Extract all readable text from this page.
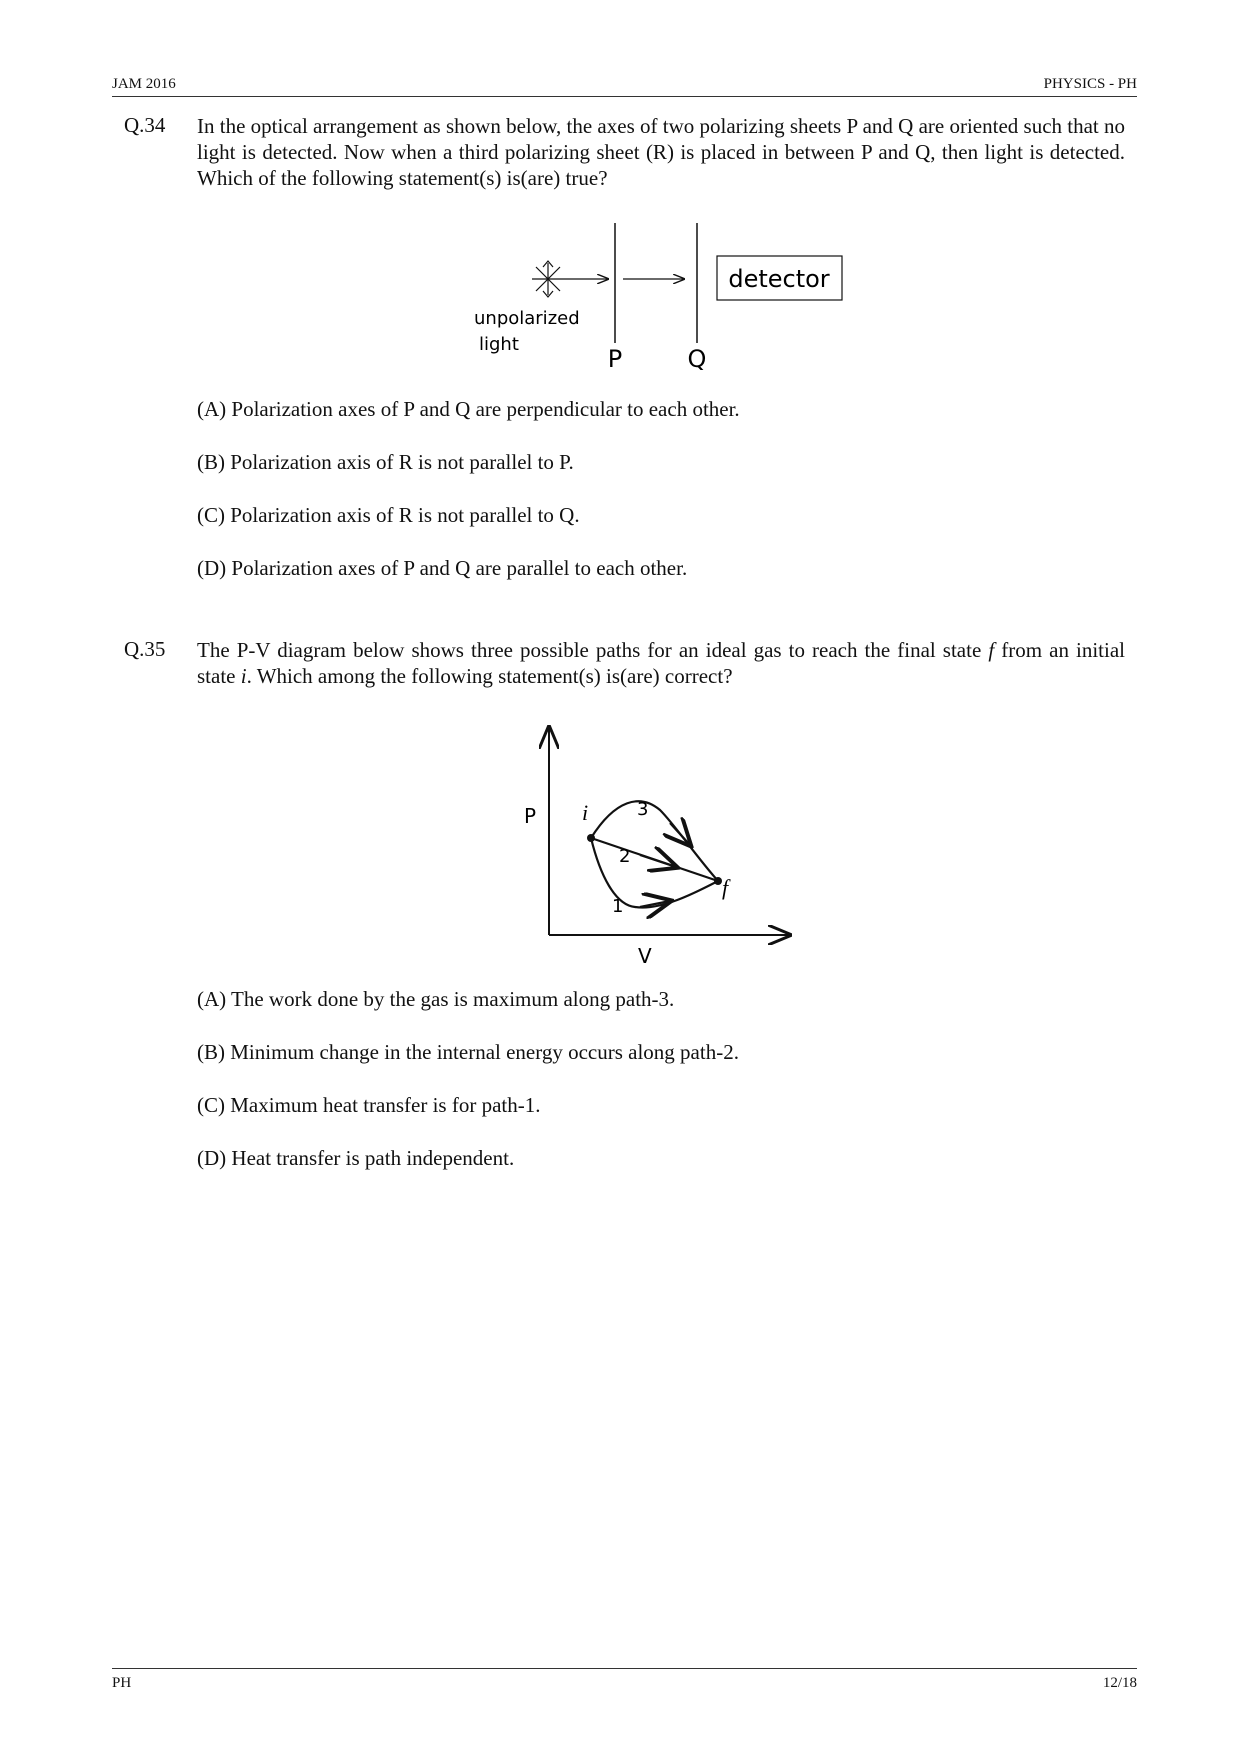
JAM 2016	PHYSICS - PH
Q.34 In the optical arrangement as shown below, the axes of two polarizing sheets P and Q are oriented such that no light is detected. Now when a third polarizing sheet (R) is placed in between P and Q, then light is detected. Which of the following statement(s) is(are) true?
detector
unpolarized
light
P	Q
(A) Polarization axes of P and Q are perpendicular to each other.
(B) Polarization axis of R is not parallel to P.
(C) Polarization axis of R is not parallel to Q.
(D) Polarization axes of P and Q are parallel to each other.
Q.35 The P-V diagram below shows three possible paths for an ideal gas to reach the final state f from an initial state i. Which among the following statement(s) is(are) correct?
P
V
i
f
1
2
3
(A) The work done by the gas is maximum along path-3.
(B) Minimum change in the internal energy occurs along path-2.
(C) Maximum heat transfer is for path-1.
(D) Heat transfer is path independent.
PH	12/18
